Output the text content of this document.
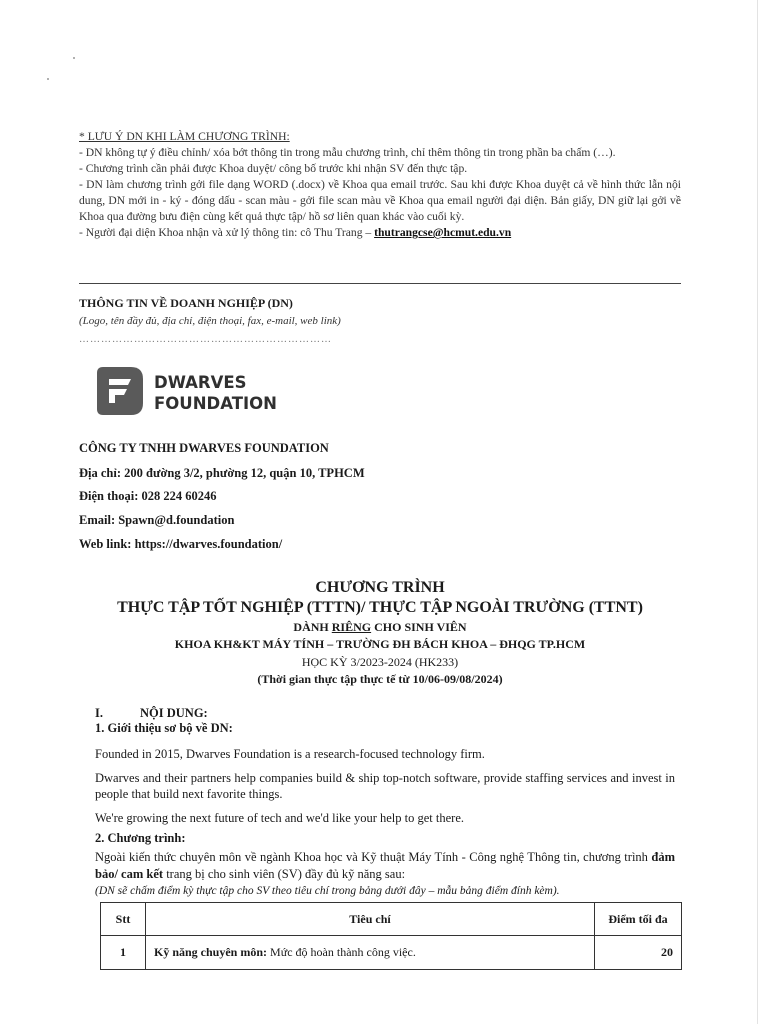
* LƯU Ý DN KHI LÀM CHƯƠNG TRÌNH:

- DN không tự ý điều chỉnh/ xóa bớt thông tin trong mẫu chương trình, chỉ thêm thông tin trong phần ba chấm (…).

- Chương trình cần phải được Khoa duyệt/ công bố trước khi nhận SV đến thực tập.

- DN làm chương trình gởi file dạng WORD (.docx) về Khoa qua email trước. Sau khi được Khoa duyệt cả về hình thức lẫn nội dung, DN mới in - ký - đóng dấu - scan màu - gởi file scan màu về Khoa qua email người đại diện. Bản giấy, DN giữ lại gởi về Khoa qua đường bưu điện cùng kết quả thực tập/ hồ sơ liên quan khác vào cuối kỳ.

- Người đại diện Khoa nhận và xử lý thông tin: cô Thu Trang – thutrangcse@hcmut.edu.vn

THÔNG TIN VỀ DOANH NGHIỆP (DN)
(Logo, tên đầy đủ, địa chỉ, điện thoại, fax, e-mail, web link)
……………………………………………………………
DWARVES
FOUNDATION
CÔNG TY TNHH DWARVES FOUNDATION
Địa chỉ: 200 đường 3/2, phường 12, quận 10, TPHCM
Điện thoại: 028 224 60246
Email: Spawn@d.foundation
Web link: https://dwarves.foundation/
CHƯƠNG TRÌNH
THỰC TẬP TỐT NGHIỆP (TTTN)/ THỰC TẬP NGOÀI TRƯỜNG (TTNT)
DÀNH RIÊNG CHO SINH VIÊN
KHOA KH&KT MÁY TÍNH – TRƯỜNG ĐH BÁCH KHOA – ĐHQG TP.HCM
HỌC KỲ 3/2023-2024 (HK233)
(Thời gian thực tập thực tế từ 10/06-09/08/2024)
I.	NỘI DUNG:
1. Giới thiệu sơ bộ về DN:
Founded in 2015, Dwarves Foundation is a research-focused technology firm.
Dwarves and their partners help companies build & ship top-notch software, provide staffing services and invest in people that build next favorite things.
We're growing the next future of tech and we'd like your help to get there.
2. Chương trình:
Ngoài kiến thức chuyên môn về ngành Khoa học và Kỹ thuật Máy Tính - Công nghệ Thông tin, chương trình đảm bảo/ cam kết trang bị cho sinh viên (SV) đầy đủ kỹ năng sau:
(DN sẽ chấm điểm kỳ thực tập cho SV theo tiêu chí trong bảng dưới đây – mẫu bảng điểm đính kèm).
Stt	Tiêu chí	Điểm tối đa
1	Kỹ năng chuyên môn: Mức độ hoàn thành công việc.	20
